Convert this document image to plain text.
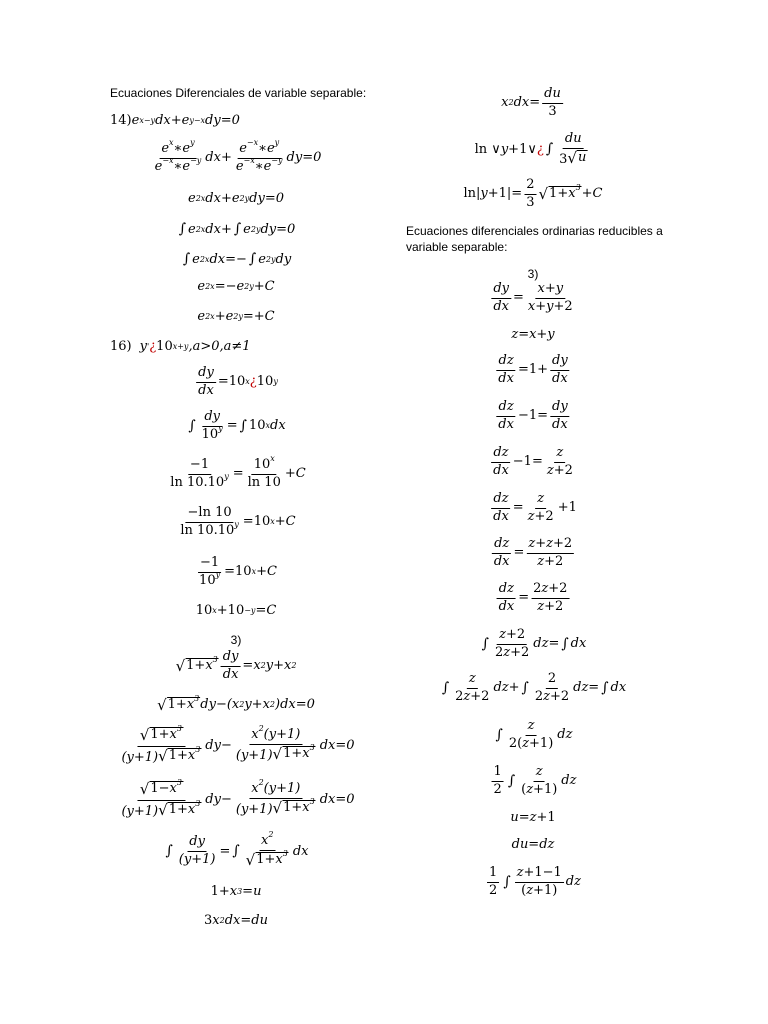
Ecuaciones Diferenciales de variable separable:
14) e x−y dx+e y−x dy=0
$\frac{e^x∗e^y}{e^{-x}∗e^{-y}} dx+ \frac{e^{-x}∗e^y}{e^{-x}∗e^{-y}} dy=0$
e 2x dx+e 2y dy=0
∫ e 2x dx+ ∫ e 2y dy=0
∫ e 2x dx=− ∫ e 2y dy
e 2x =−e 2y +C
e 2x +e 2y =+C
16) y ' ¿ 10 x+y ,a>0,a≠1
$\frac{dy}{dx} = 10$ x ¿ 10 y
∫ $\frac{dy}{10^y}$ = ∫ 10 x dx
$\frac{-1}{\ln 10.10^y} = \frac{10^x}{\ln 10} +C$
$\frac{-\ln 10}{\ln 10.10^y} = 10$ x +C
$\frac{-1}{10^y} = 10$ x +C
10 x + 10 −y =C
3)
√ $1+x^3 \frac{dy}{dx} =x$ 2 y+x 2
√ $1+x^3$ dy−(x 2 y+x 2 )dx=0
$\frac{√ 1+x^3}{(y+1) √ 1+x^3} dy- \frac{x^2(y+1)}{(y+1) √ 1+x^3} dx=0$
$\frac{√ 1-x^3}{(y+1) √ 1+x^3} dy- \frac{x^2(y+1)}{(y+1) √ 1+x^3} dx=0$
∫ $\frac{dy}{(y+1)}$ = ∫ $\frac{x^2}{√ 1+x^3}$ dx
1+ x 3 =u
3 x 2 dx=du
x 2 $dx= \frac{du}{3}$
ln ∨ y +1∨ ¿ ∫ $\frac{du}{3 √ u}$
ln |y +1 |= $\frac{2}{3}$ √ $1+x^3 +C$
Ecuaciones diferenciales ordinarias reducibles a
variable separable:
3)
$\frac{dy}{dx} = \frac{x+y}{x+y+2}$
z=x+y
$\frac{dz}{dx} = 1+ \frac{dy}{dx}$
$\frac{dz}{dx} -1= \frac{dy}{dx}$
$\frac{dz}{dx} -1= \frac{z}{z+2}$
$\frac{dz}{dx} = \frac{z}{z+2} +1$
$\frac{dz}{dx} = \frac{z+z+2}{z+2}$
$\frac{dz}{dx} = \frac{2z+2}{z+2}$
∫ $\frac{z+2}{2z+2} dz=$ ∫ dx
∫ $\frac{z}{2z+2} dz+$ ∫ $\frac{2}{2z+2} dz=$ ∫ dx
∫ $\frac{z}{2(z+1)}$ dz
$\frac{1}{2}$ ∫ $\frac{z}{(z+1)}$ dz
u=z +1
du=dz
$\frac{1}{2}$ ∫ $\frac{z+1-1}{(z+1)}$ dz
